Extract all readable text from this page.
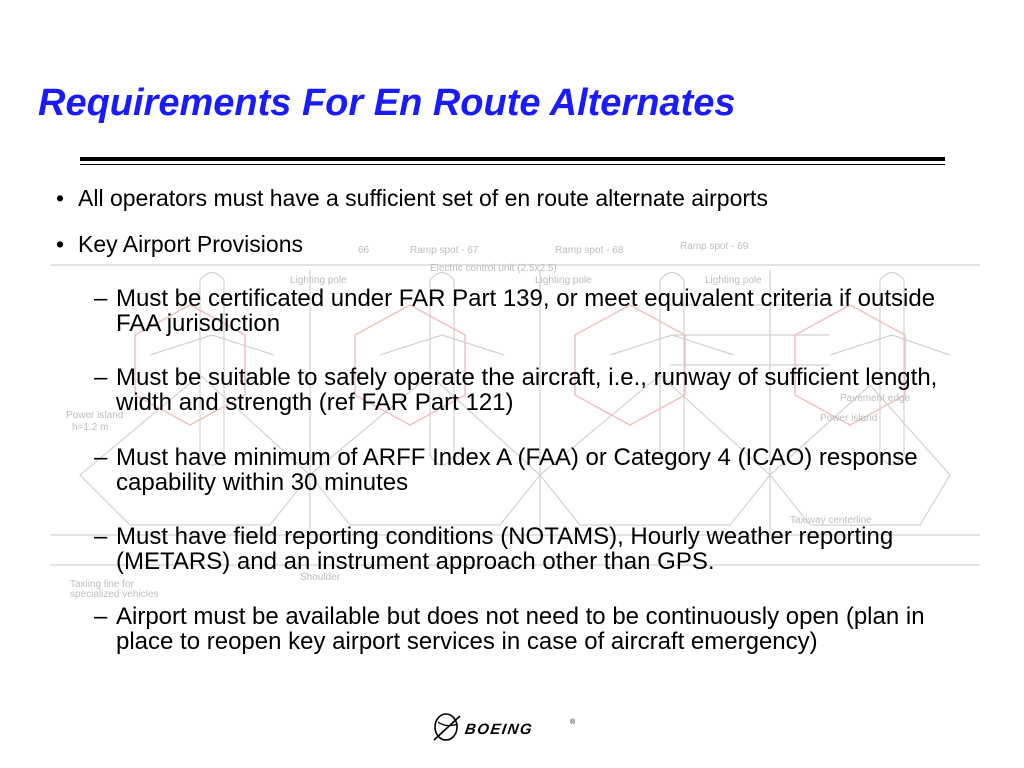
Requirements For En Route Alternates
66	Ramp spot - 67	Ramp spot - 68	Ramp spot - 69
Electric control unit (2.5x2.5)
Lighting pole	Lighting pole	Lighting pole
Power island
h=1.2 m
Power island
Pavement edge
Taxiing line for
specialized vehicles
Shoulder
Taxiway centerline

• All operators must have a sufficient set of en route alternate airports

• Key Airport Provisions

– Must be certificated under FAR Part 139, or meet equivalent criteria if outside FAA jurisdiction

– Must be suitable to safely operate the aircraft, i.e., runway of sufficient length, width and strength (ref FAR Part 121)

– Must have minimum of ARFF Index A (FAA) or Category 4 (ICAO) response capability within 30 minutes

– Must have field reporting conditions (NOTAMS), Hourly weather reporting (METARS) and an instrument approach other than GPS.

– Airport must be available but does not need to be continuously open (plan in place to reopen key airport services in case of aircraft emergency)

BOEING	®
